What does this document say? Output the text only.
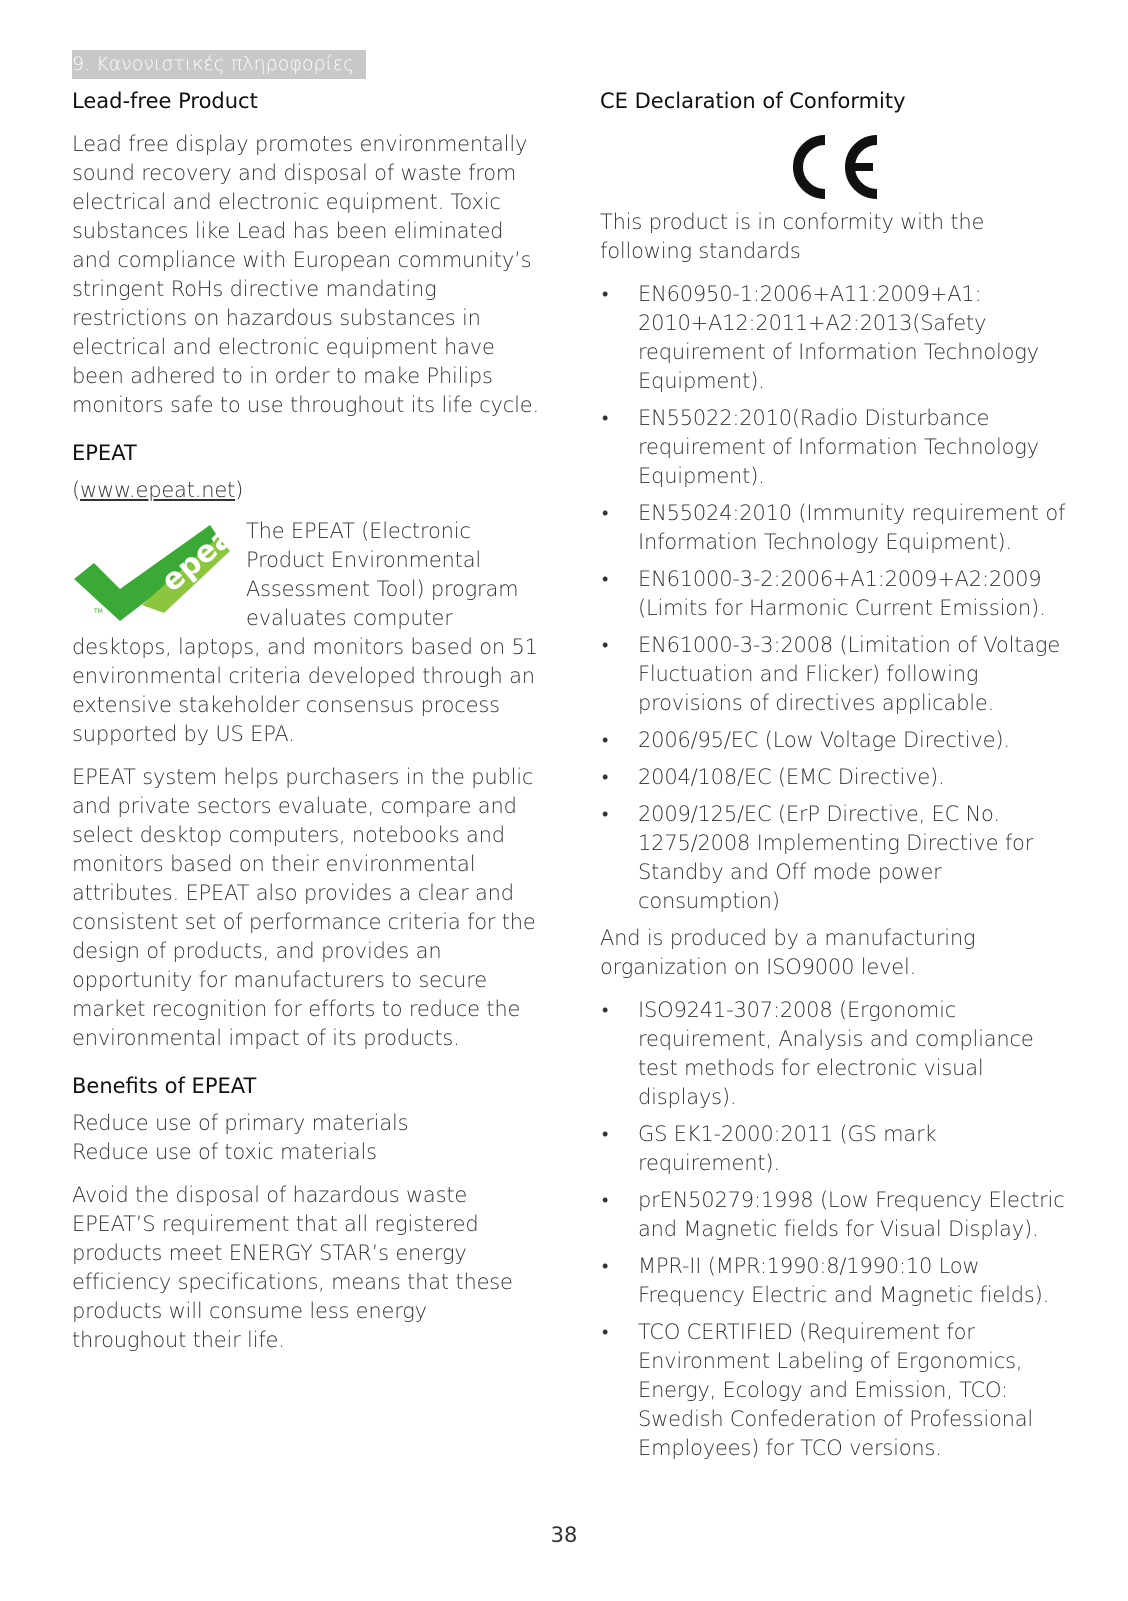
9. Κανονιστικές πληροφορίες
Lead-free Product

Lead free display promotes environmentally sound recovery and disposal of waste from electrical and electronic equipment. Toxic substances like Lead has been eliminated and compliance with European community’s stringent RoHs directive mandating restrictions on hazardous substances in electrical and electronic equipment have been adhered to in order to make Philips monitors safe to use throughout its life cycle.

EPEAT

(www.epeat.net)

epeat
TM

The EPEAT (Electronic Product Environmental Assessment Tool) program evaluates computer desktops, laptops, and monitors based on 51 environmental criteria developed through an extensive stakeholder consensus process supported by US EPA.

EPEAT system helps purchasers in the public and private sectors evaluate, compare and select desktop computers, notebooks and monitors based on their environmental attributes. EPEAT also provides a clear and consistent set of performance criteria for the design of products, and provides an opportunity for manufacturers to secure market recognition for efforts to reduce the environmental impact of its products.

Benefits of EPEAT

Reduce use of primary materials

Reduce use of toxic materials

Avoid the disposal of hazardous waste EPEAT’S requirement that all registered products meet ENERGY STAR’s energy efficiency specifications, means that these products will consume less energy throughout their life.

CE Declaration of Conformity

This product is in conformity with the following standards

• EN60950-1:2006+A11:2009+A1: 2010+A12:2011+A2:2013(Safety requirement of Information Technology Equipment).
• EN55022:2010(Radio Disturbance requirement of Information Technology Equipment).
• EN55024:2010 (Immunity requirement of Information Technology Equipment).
• EN61000-3-2:2006+A1:2009+A2:2009 (Limits for Harmonic Current Emission).
• EN61000-3-3:2008 (Limitation of Voltage Fluctuation and Flicker) following provisions of directives applicable.
• 2006/95/EC (Low Voltage Directive).
• 2004/108/EC (EMC Directive).
• 2009/125/EC (ErP Directive, EC No. 1275/2008 Implementing Directive for Standby and Off mode power consumption)

And is produced by a manufacturing organization on ISO9000 level.

• ISO9241-307:2008 (Ergonomic requirement, Analysis and compliance test methods for electronic visual displays).
• GS EK1-2000:2011 (GS mark requirement).
• prEN50279:1998 (Low Frequency Electric and Magnetic fields for Visual Display).
• MPR-II (MPR:1990:8/1990:10 Low Frequency Electric and Magnetic fields).
• TCO CERTIFIED (Requirement for Environment Labeling of Ergonomics, Energy, Ecology and Emission, TCO: Swedish Confederation of Professional Employees) for TCO versions.
38
